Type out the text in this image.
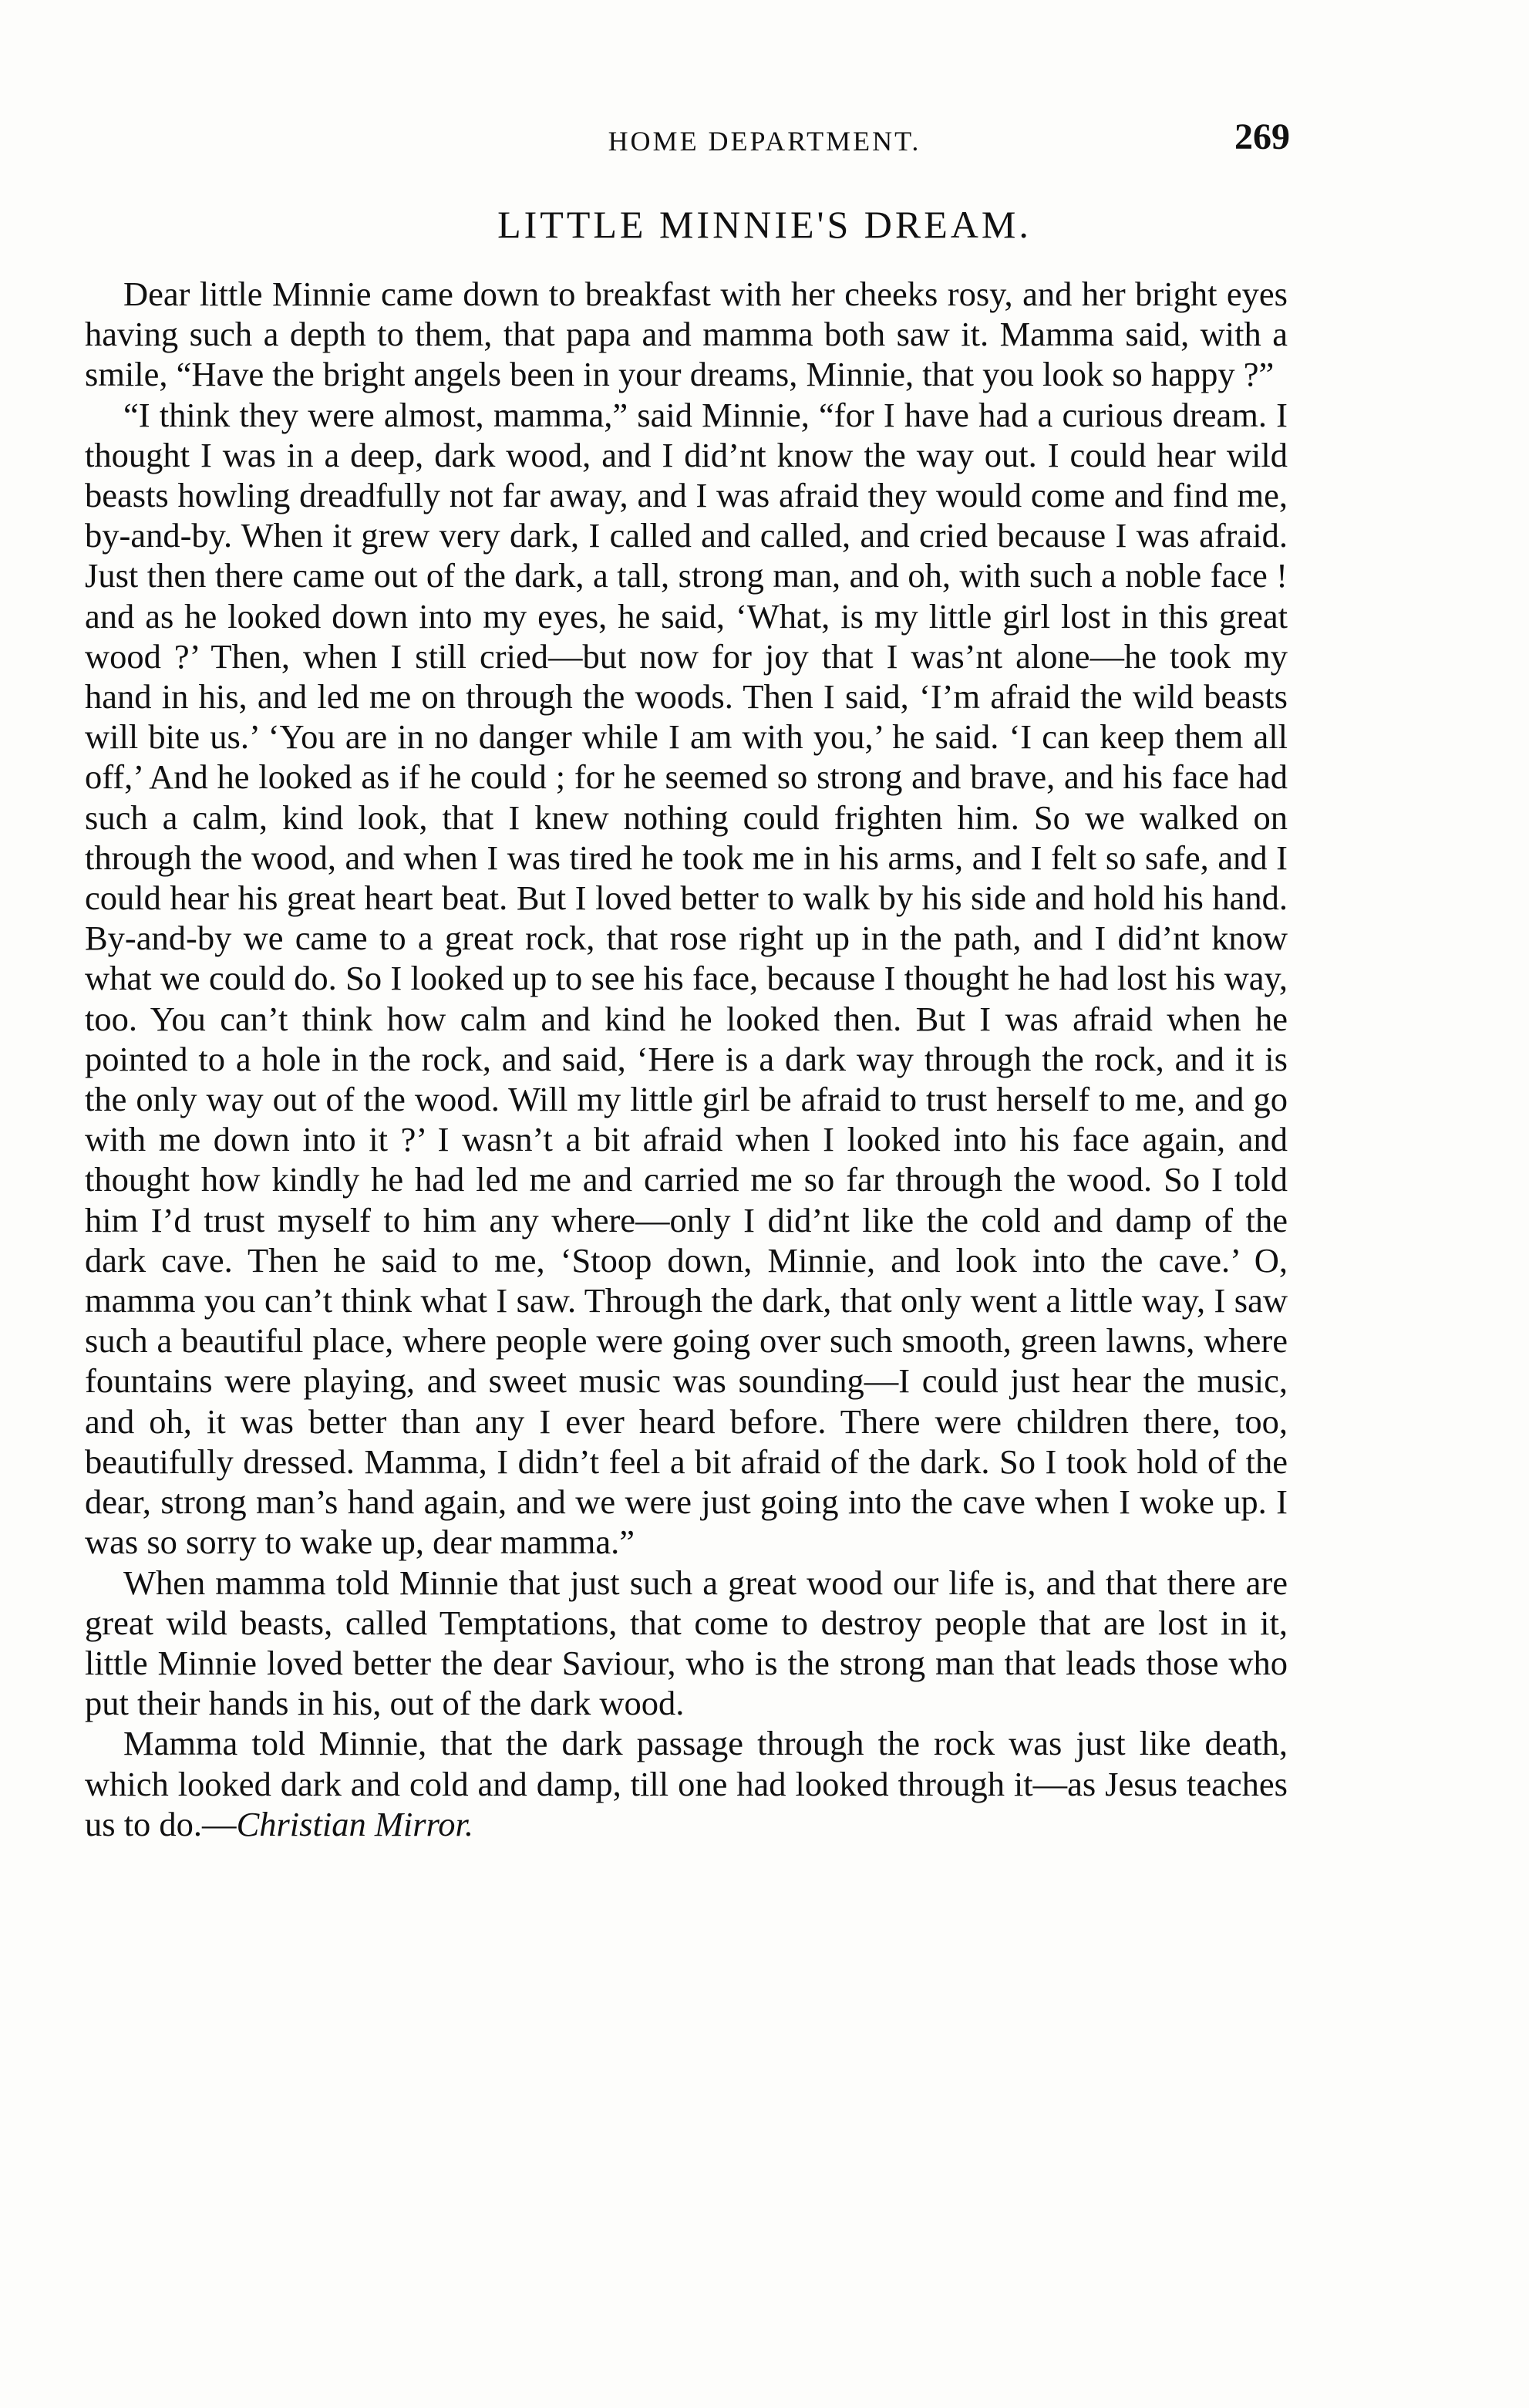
HOME DEPARTMENT.	269
LITTLE MINNIE'S DREAM.

Dear little Minnie came down to breakfast with her cheeks rosy, and her bright eyes having such a depth to them, that papa and mamma both saw it. Mamma said, with a smile, “Have the bright angels been in your dreams, Minnie, that you look so happy ?”

“I think they were almost, mamma,” said Minnie, “for I have had a curious dream. I thought I was in a deep, dark wood, and I did’nt know the way out. I could hear wild beasts howling dreadfully not far away, and I was afraid they would come and find me, by-and-by. When it grew very dark, I called and called, and cried because I was afraid. Just then there came out of the dark, a tall, strong man, and oh, with such a noble face ! and as he looked down into my eyes, he said, ‘What, is my little girl lost in this great wood ?’ Then, when I still cried—but now for joy that I was’nt alone—he took my hand in his, and led me on through the woods. Then I said, ‘I’m afraid the wild beasts will bite us.’ ‘You are in no danger while I am with you,’ he said. ‘I can keep them all off,’ And he looked as if he could ; for he seemed so strong and brave, and his face had such a calm, kind look, that I knew nothing could frighten him. So we walked on through the wood, and when I was tired he took me in his arms, and I felt so safe, and I could hear his great heart beat. But I loved better to walk by his side and hold his hand. By-and-by we came to a great rock, that rose right up in the path, and I did’nt know what we could do. So I looked up to see his face, because I thought he had lost his way, too. You can’t think how calm and kind he looked then. But I was afraid when he pointed to a hole in the rock, and said, ‘Here is a dark way through the rock, and it is the only way out of the wood. Will my little girl be afraid to trust herself to me, and go with me down into it ?’ I wasn’t a bit afraid when I looked into his face again, and thought how kindly he had led me and carried me so far through the wood. So I told him I’d trust myself to him any where—only I did’nt like the cold and damp of the dark cave. Then he said to me, ‘Stoop down, Minnie, and look into the cave.’ O, mamma you can’t think what I saw. Through the dark, that only went a little way, I saw such a beautiful place, where people were going over such smooth, green lawns, where fountains were playing, and sweet music was sounding—I could just hear the music, and oh, it was better than any I ever heard before. There were children there, too, beautifully dressed. Mamma, I didn’t feel a bit afraid of the dark. So I took hold of the dear, strong man’s hand again, and we were just going into the cave when I woke up. I was so sorry to wake up, dear mamma.”

When mamma told Minnie that just such a great wood our life is, and that there are great wild beasts, called Temptations, that come to destroy people that are lost in it, little Minnie loved better the dear Saviour, who is the strong man that leads those who put their hands in his, out of the dark wood.

Mamma told Minnie, that the dark passage through the rock was just like death, which looked dark and cold and damp, till one had looked through it—as Jesus teaches us to do.—Christian Mirror.
